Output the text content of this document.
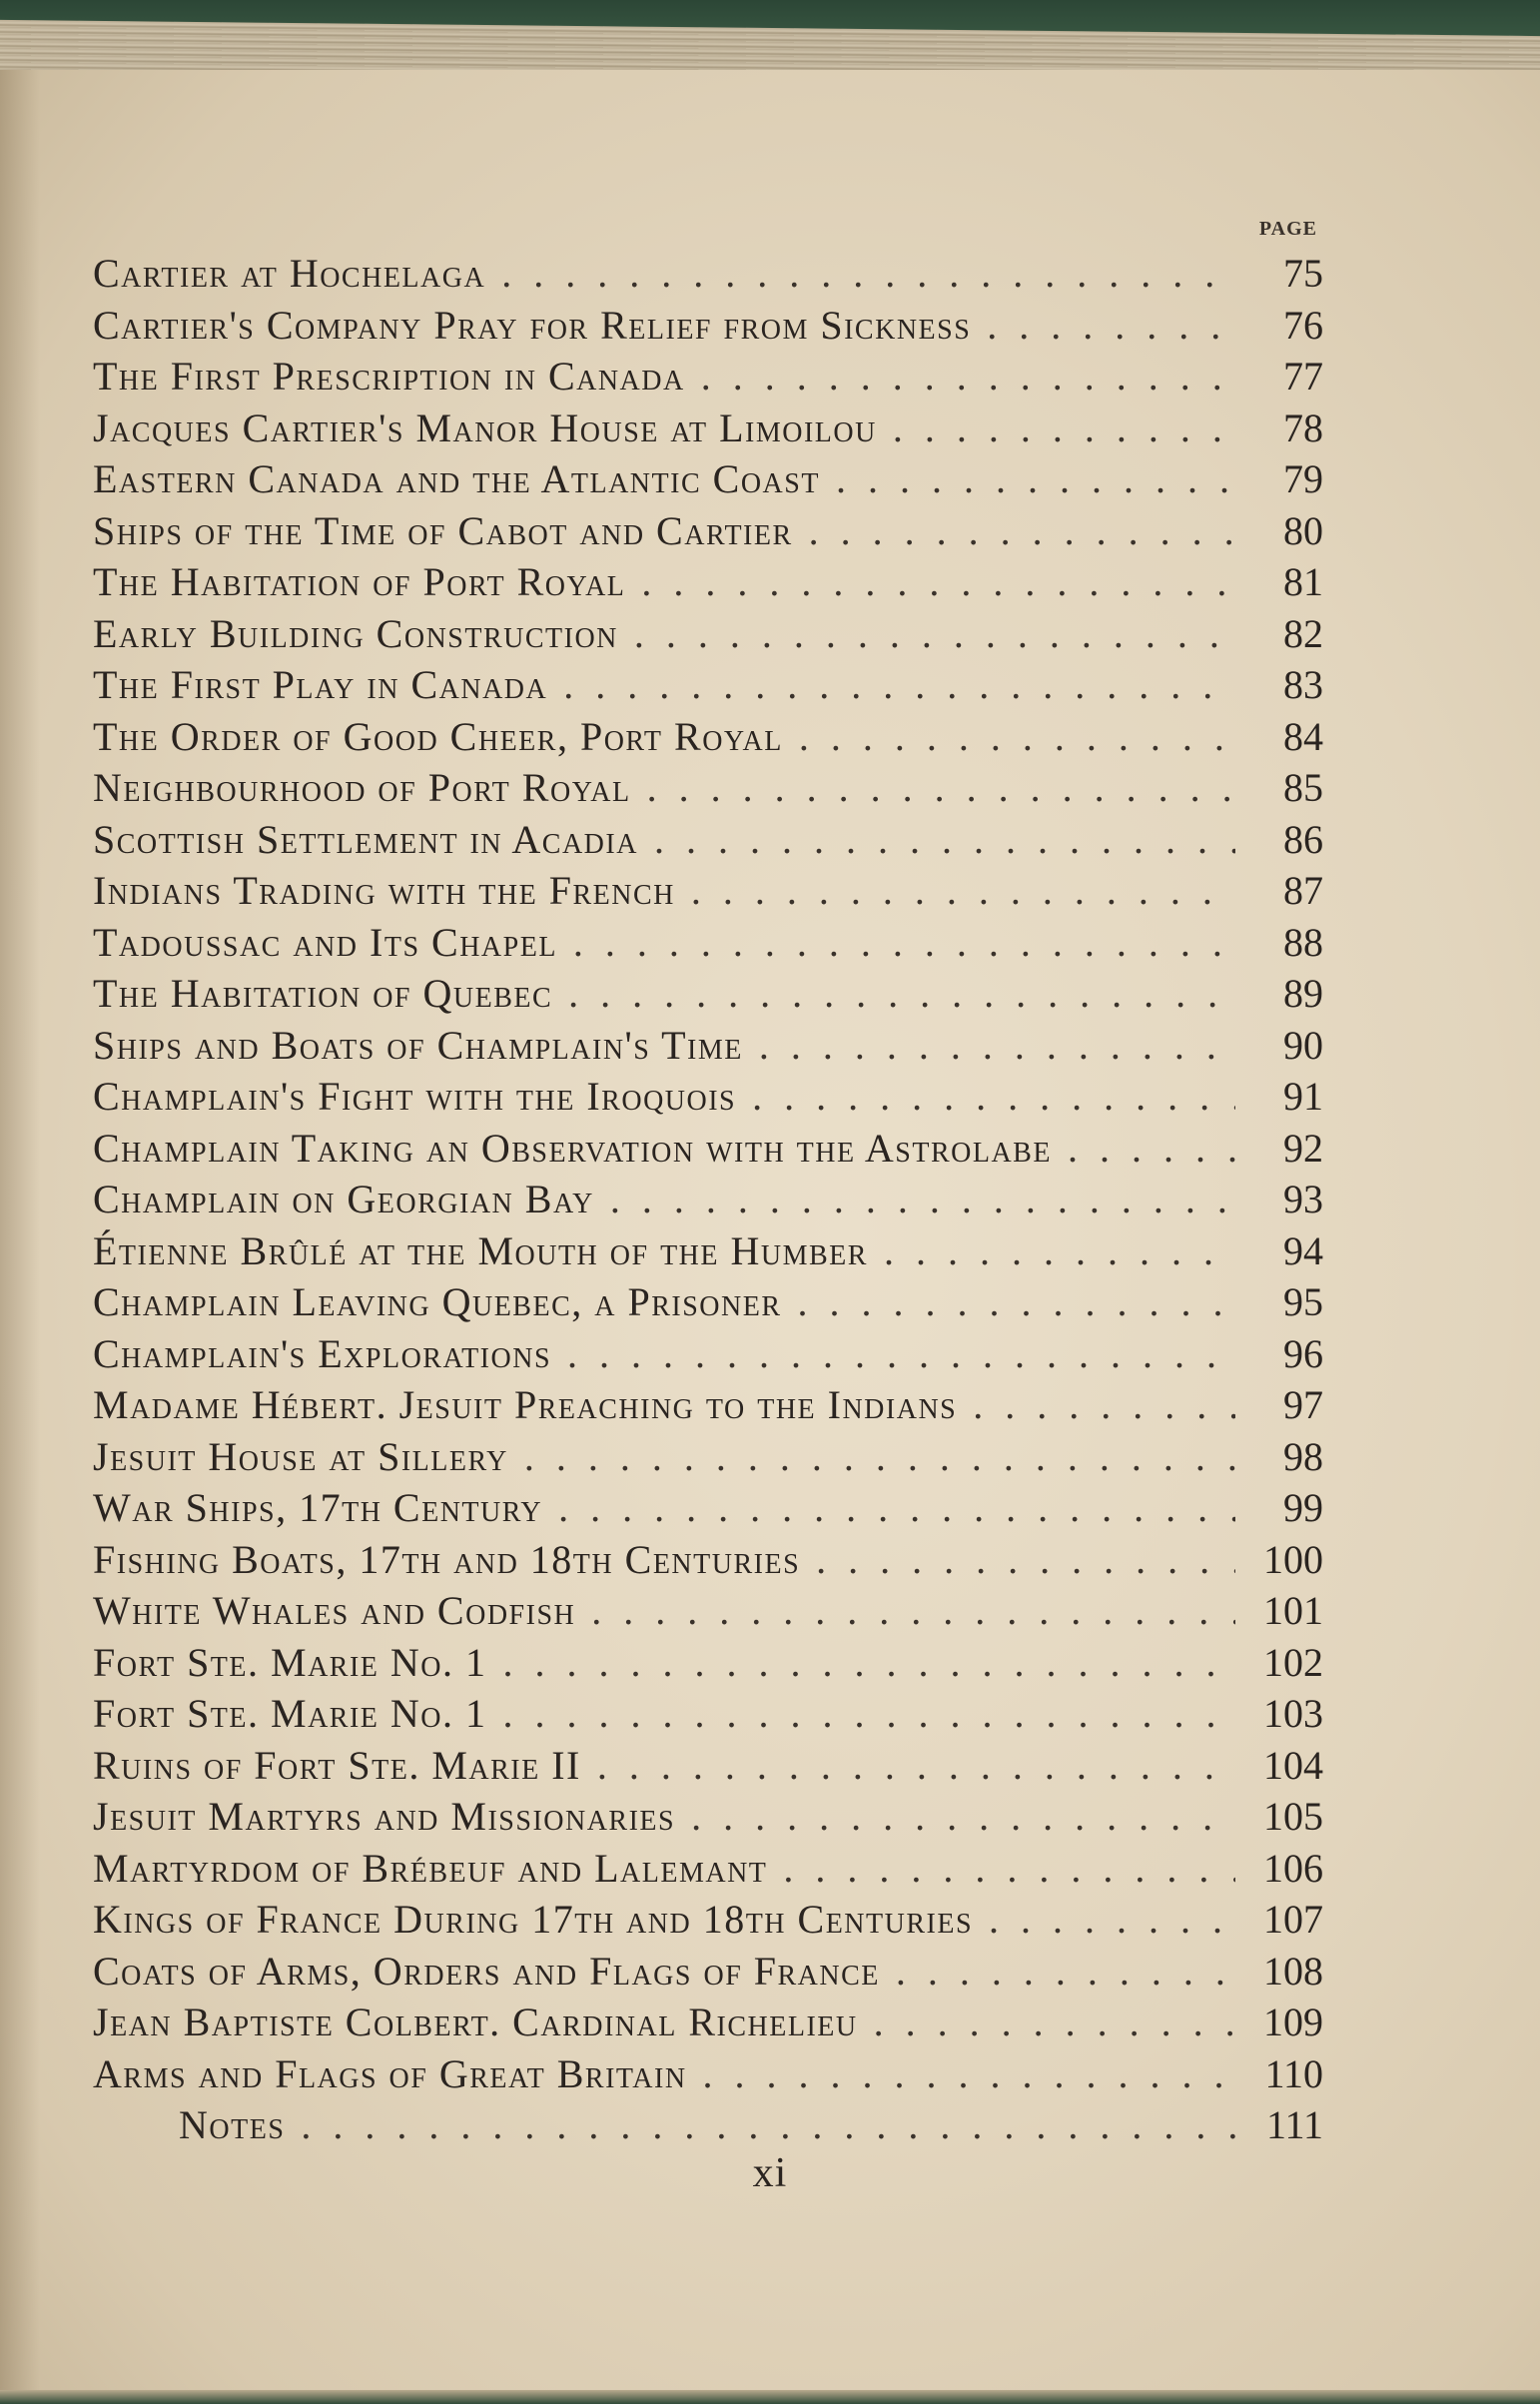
PAGE
Cartier at Hochelaga . . .	75
Cartier's Company Pray for Relief from Sickness . . .	76
The First Prescription in Canada . . .	77
Jacques Cartier's Manor House at Limoilou . . .	78
Eastern Canada and the Atlantic Coast . . .	79
Ships of the Time of Cabot and Cartier . . .	80
The Habitation of Port Royal . . .	81
Early Building Construction . . .	82
The First Play in Canada . . .	83
The Order of Good Cheer, Port Royal . . .	84
Neighbourhood of Port Royal . . .	85
Scottish Settlement in Acadia . . .	86
Indians Trading with the French . . .	87
Tadoussac and Its Chapel . . .	88
The Habitation of Quebec . . .	89
Ships and Boats of Champlain's Time . . .	90
Champlain's Fight with the Iroquois . . .	91
Champlain Taking an Observation with the Astrolabe . . .	92
Champlain on Georgian Bay . . .	93
Étienne Brûlé at the Mouth of the Humber . . .	94
Champlain Leaving Quebec, a Prisoner . . .	95
Champlain's Explorations . . .	96
Madame Hébert. Jesuit Preaching to the Indians . . .	97
Jesuit House at Sillery . . .	98
War Ships, 17th Century . . .	99
Fishing Boats, 17th and 18th Centuries . . .	100
White Whales and Codfish . . .	101
Fort Ste. Marie No. 1 . . .	102
Fort Ste. Marie No. 1 . . .	103
Ruins of Fort Ste. Marie II . . .	104
Jesuit Martyrs and Missionaries . . .	105
Martyrdom of Brébeuf and Lalemant . . .	106
Kings of France During 17th and 18th Centuries . . .	107
Coats of Arms, Orders and Flags of France . . .	108
Jean Baptiste Colbert. Cardinal Richelieu . . .	109
Arms and Flags of Great Britain . . .	110
Notes . . .	111
xi
